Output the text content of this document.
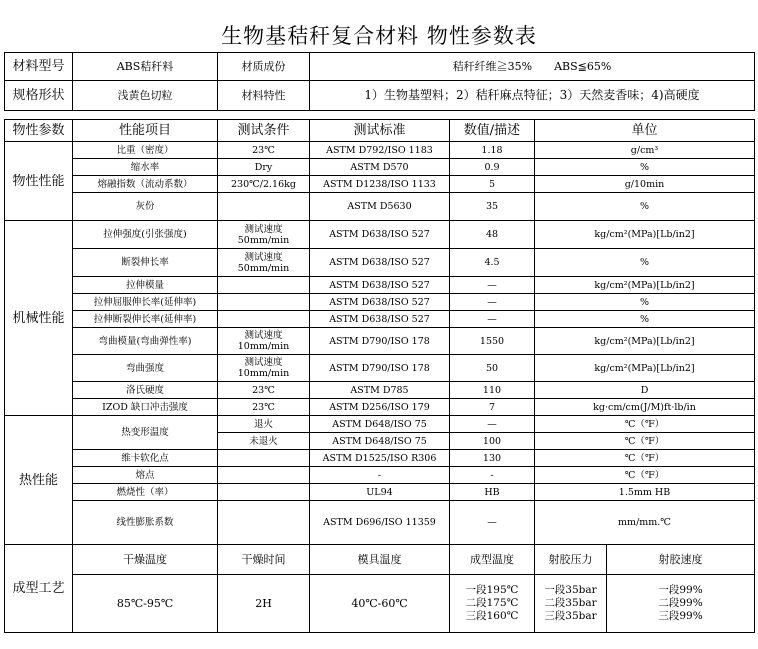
生物基秸秆复合材料 物性参数表
材料型号	ABS秸秆料	材质成份	秸秆纤维≧35%　　ABS≦65%			
规格形状	浅黄色切粒	材料特性	1）生物基塑料；2）秸秆麻点特征；3）天然麦香味；4)高硬度			

物性参数	性能项目	测试条件	测试标准	数值/描述	单位	
物性性能	比重（密度）	23℃	ASTM D792/ISO 1183	1.18	g/cm³	
	缩水率	Dry	ASTM D570	0.9	%	
	熔融指数（流动系数）	230℃/2.16kg	ASTM D1238/ISO 1133	5	g/10min	
	灰份		ASTM D5630	35	%	
机械性能	拉伸强度(引张强度)	测试速度 50mm/min	ASTM D638/ISO 527	48	kg/cm²(MPa)[Lb/in2]	
	断裂伸长率	测试速度 50mm/min	ASTM D638/ISO 527	4.5	%	
	拉伸模量		ASTM D638/ISO 527	—	kg/cm²(MPa)[Lb/in2]	
	拉伸屈服伸长率(延伸率)		ASTM D638/ISO 527	—	%	
	拉伸断裂伸长率(延伸率)		ASTM D638/ISO 527	—	%	
	弯曲模量(弯曲弹性率)	测试速度 10mm/min	ASTM D790/ISO 178	1550	kg/cm²(MPa)[Lb/in2]	
	弯曲强度	测试速度 10mm/min	ASTM D790/ISO 178	50	kg/cm²(MPa)[Lb/in2]	
	洛氏硬度	23℃	ASTM D785	110	D	
	IZOD 缺口冲击强度	23℃	ASTM D256/ISO 179	7	kg·cm/cm(J/M)ft·lb/in	
热性能	热变形温度	退火	ASTM D648/ISO 75	—	℃（℉）	
		未退火	ASTM D648/ISO 75	100	℃（℉）	
	维卡软化点		ASTM D1525/ISO R306	130	℃（℉）	
	熔点		-	-	℃（℉）	
	燃烧性（率）		UL94	HB	1.5mm HB	
	线性膨胀系数		ASTM D696/ISO 11359	—	mm/mm.℃	
成型工艺	干燥温度	干燥时间	模具温度	成型温度	射胶压力	射胶速度
	85℃-95℃	2H	40℃-60℃	一段195℃
二段175℃
三段160℃	一段35bar
二段35bar
三段35bar	一段99%
二段99%
三段99%
